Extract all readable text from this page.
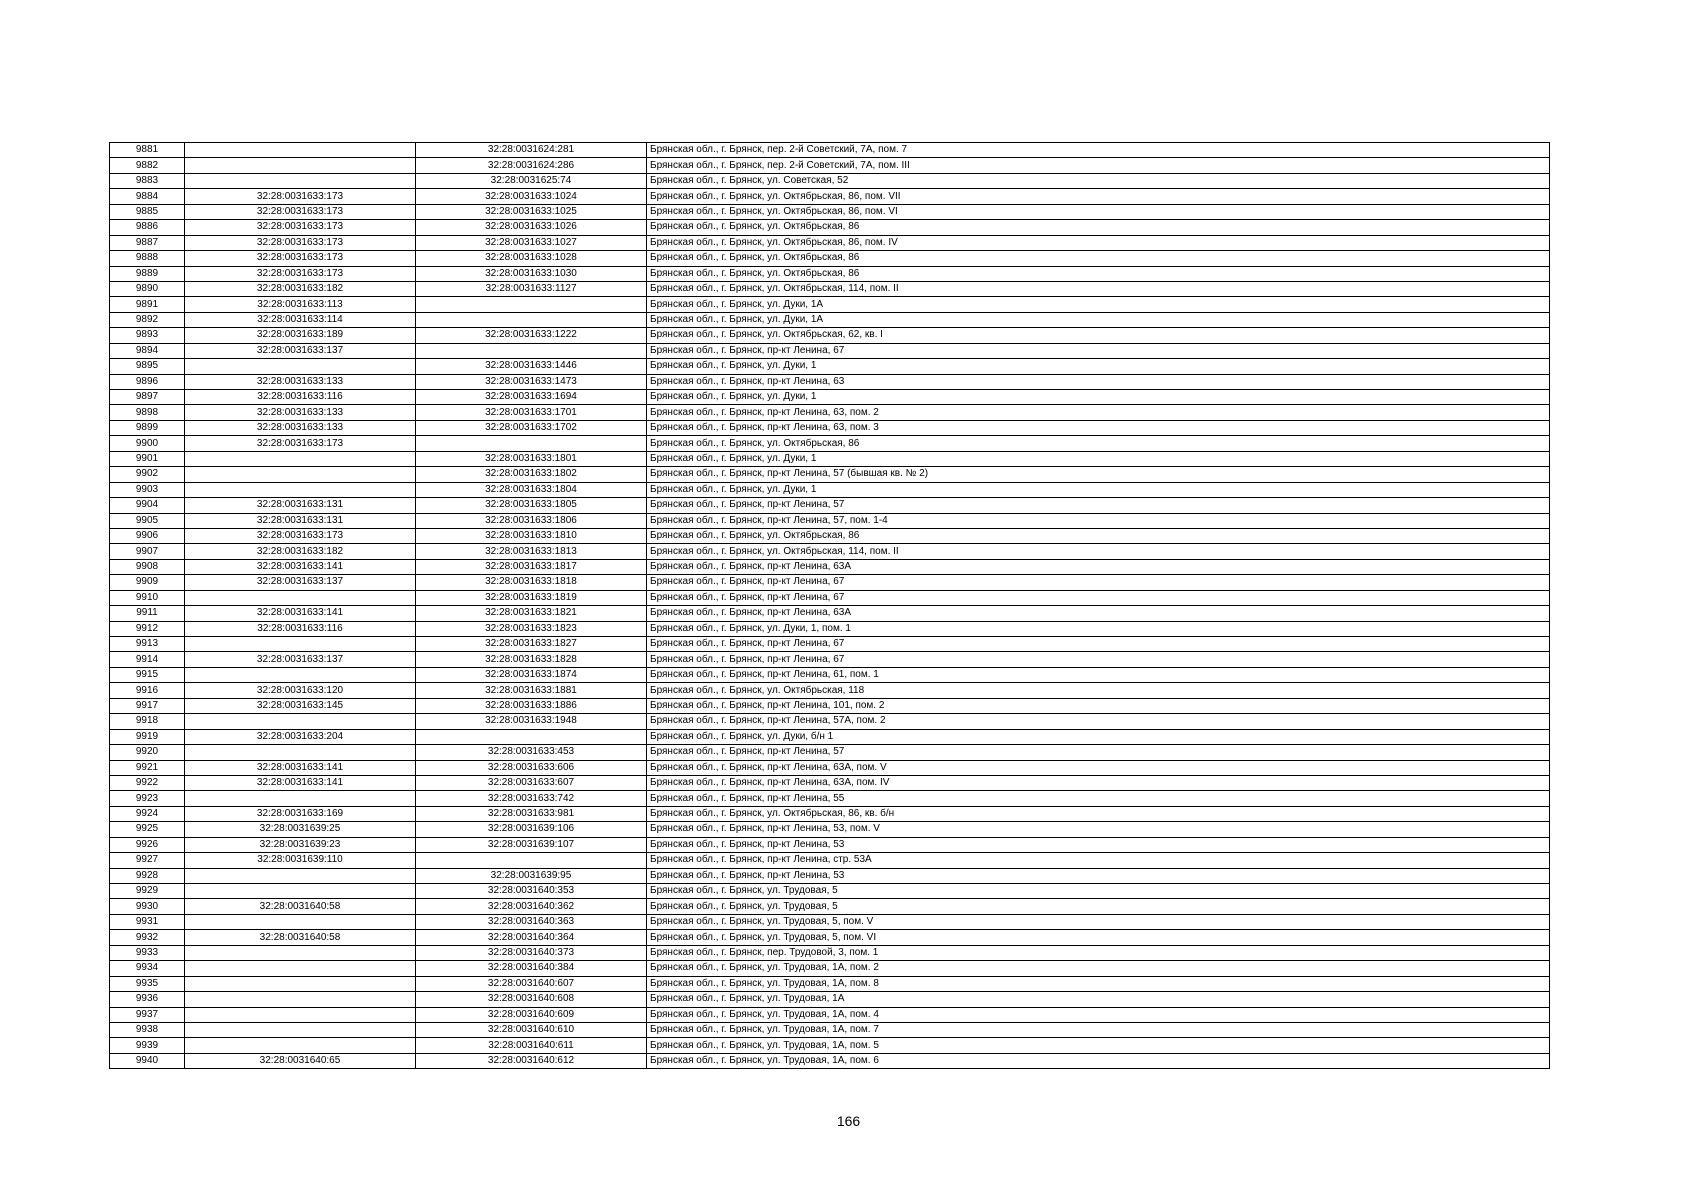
9881		32:28:0031624:281	Брянская обл., г. Брянск, пер. 2-й Советский, 7А, пом. 7
9882		32:28:0031624:286	Брянская обл., г. Брянск, пер. 2-й Советский, 7А, пом. III
9883		32:28:0031625:74	Брянская обл., г. Брянск, ул. Советская, 52
9884	32:28:0031633:173	32:28:0031633:1024	Брянская обл., г. Брянск, ул. Октябрьская, 86, пом. VII
9885	32:28:0031633:173	32:28:0031633:1025	Брянская обл., г. Брянск, ул. Октябрьская, 86, пом. VI
9886	32:28:0031633:173	32:28:0031633:1026	Брянская обл., г. Брянск, ул. Октябрьская, 86
9887	32:28:0031633:173	32:28:0031633:1027	Брянская обл., г. Брянск, ул. Октябрьская, 86, пом. IV
9888	32:28:0031633:173	32:28:0031633:1028	Брянская обл., г. Брянск, ул. Октябрьская, 86
9889	32:28:0031633:173	32:28:0031633:1030	Брянская обл., г. Брянск, ул. Октябрьская, 86
9890	32:28:0031633:182	32:28:0031633:1127	Брянская обл., г. Брянск, ул. Октябрьская, 114, пом. II
9891	32:28:0031633:113		Брянская обл., г. Брянск, ул. Дуки, 1А
9892	32:28:0031633:114		Брянская обл., г. Брянск, ул. Дуки, 1А
9893	32:28:0031633:189	32:28:0031633:1222	Брянская обл., г. Брянск, ул. Октябрьская, 62, кв. I
9894	32:28:0031633:137		Брянская обл., г. Брянск, пр-кт Ленина, 67
9895		32:28:0031633:1446	Брянская обл., г. Брянск, ул. Дуки, 1
9896	32:28:0031633:133	32:28:0031633:1473	Брянская обл., г. Брянск, пр-кт Ленина, 63
9897	32:28:0031633:116	32:28:0031633:1694	Брянская обл., г. Брянск, ул. Дуки, 1
9898	32:28:0031633:133	32:28:0031633:1701	Брянская обл., г. Брянск, пр-кт Ленина, 63, пом. 2
9899	32:28:0031633:133	32:28:0031633:1702	Брянская обл., г. Брянск, пр-кт Ленина, 63, пом. 3
9900	32:28:0031633:173		Брянская обл., г. Брянск, ул. Октябрьская, 86
9901		32:28:0031633:1801	Брянская обл., г. Брянск, ул. Дуки, 1
9902		32:28:0031633:1802	Брянская обл., г. Брянск, пр-кт Ленина, 57 (бывшая кв. № 2)
9903		32:28:0031633:1804	Брянская обл., г. Брянск, ул. Дуки, 1
9904	32:28:0031633:131	32:28:0031633:1805	Брянская обл., г. Брянск, пр-кт Ленина, 57
9905	32:28:0031633:131	32:28:0031633:1806	Брянская обл., г. Брянск, пр-кт Ленина, 57, пом. 1-4
9906	32:28:0031633:173	32:28:0031633:1810	Брянская обл., г. Брянск, ул. Октябрьская, 86
9907	32:28:0031633:182	32:28:0031633:1813	Брянская обл., г. Брянск, ул. Октябрьская, 114, пом. II
9908	32:28:0031633:141	32:28:0031633:1817	Брянская обл., г. Брянск, пр-кт Ленина, 63А
9909	32:28:0031633:137	32:28:0031633:1818	Брянская обл., г. Брянск, пр-кт Ленина, 67
9910		32:28:0031633:1819	Брянская обл., г. Брянск, пр-кт Ленина, 67
9911	32:28:0031633:141	32:28:0031633:1821	Брянская обл., г. Брянск, пр-кт Ленина, 63А
9912	32:28:0031633:116	32:28:0031633:1823	Брянская обл., г. Брянск, ул. Дуки, 1, пом. 1
9913		32:28:0031633:1827	Брянская обл., г. Брянск, пр-кт Ленина, 67
9914	32:28:0031633:137	32:28:0031633:1828	Брянская обл., г. Брянск, пр-кт Ленина, 67
9915		32:28:0031633:1874	Брянская обл., г. Брянск, пр-кт Ленина, 61, пом. 1
9916	32:28:0031633:120	32:28:0031633:1881	Брянская обл., г. Брянск, ул. Октябрьская, 118
9917	32:28:0031633:145	32:28:0031633:1886	Брянская обл., г. Брянск, пр-кт Ленина, 101, пом. 2
9918		32:28:0031633:1948	Брянская обл., г. Брянск, пр-кт Ленина, 57А, пом. 2
9919	32:28:0031633:204		Брянская обл., г. Брянск, ул. Дуки, б/н 1
9920		32:28:0031633:453	Брянская обл., г. Брянск, пр-кт Ленина, 57
9921	32:28:0031633:141	32:28:0031633:606	Брянская обл., г. Брянск, пр-кт Ленина, 63А, пом. V
9922	32:28:0031633:141	32:28:0031633:607	Брянская обл., г. Брянск, пр-кт Ленина, 63А, пом. IV
9923		32:28:0031633:742	Брянская обл., г. Брянск, пр-кт Ленина, 55
9924	32:28:0031633:169	32:28:0031633:981	Брянская обл., г. Брянск, ул. Октябрьская, 86, кв. б/н
9925	32:28:0031639:25	32:28:0031639:106	Брянская обл., г. Брянск, пр-кт Ленина, 53, пом. V
9926	32:28:0031639:23	32:28:0031639:107	Брянская обл., г. Брянск, пр-кт Ленина, 53
9927	32:28:0031639:110		Брянская обл., г. Брянск, пр-кт Ленина, стр. 53А
9928		32:28:0031639:95	Брянская обл., г. Брянск, пр-кт Ленина, 53
9929		32:28:0031640:353	Брянская обл., г. Брянск, ул. Трудовая, 5
9930	32:28:0031640:58	32:28:0031640:362	Брянская обл., г. Брянск, ул. Трудовая, 5
9931		32:28:0031640:363	Брянская обл., г. Брянск, ул. Трудовая, 5, пом. V
9932	32:28:0031640:58	32:28:0031640:364	Брянская обл., г. Брянск, ул. Трудовая, 5, пом. VI
9933		32:28:0031640:373	Брянская обл., г. Брянск, пер. Трудовой, 3, пом. 1
9934		32:28:0031640:384	Брянская обл., г. Брянск, ул. Трудовая, 1А, пом. 2
9935		32:28:0031640:607	Брянская обл., г. Брянск, ул. Трудовая, 1А, пом. 8
9936		32:28:0031640:608	Брянская обл., г. Брянск, ул. Трудовая, 1А
9937		32:28:0031640:609	Брянская обл., г. Брянск, ул. Трудовая, 1А, пом. 4
9938		32:28:0031640:610	Брянская обл., г. Брянск, ул. Трудовая, 1А, пом. 7
9939		32:28:0031640:611	Брянская обл., г. Брянск, ул. Трудовая, 1А, пом. 5
9940	32:28:0031640:65	32:28:0031640:612	Брянская обл., г. Брянск, ул. Трудовая, 1А, пом. 6
166
